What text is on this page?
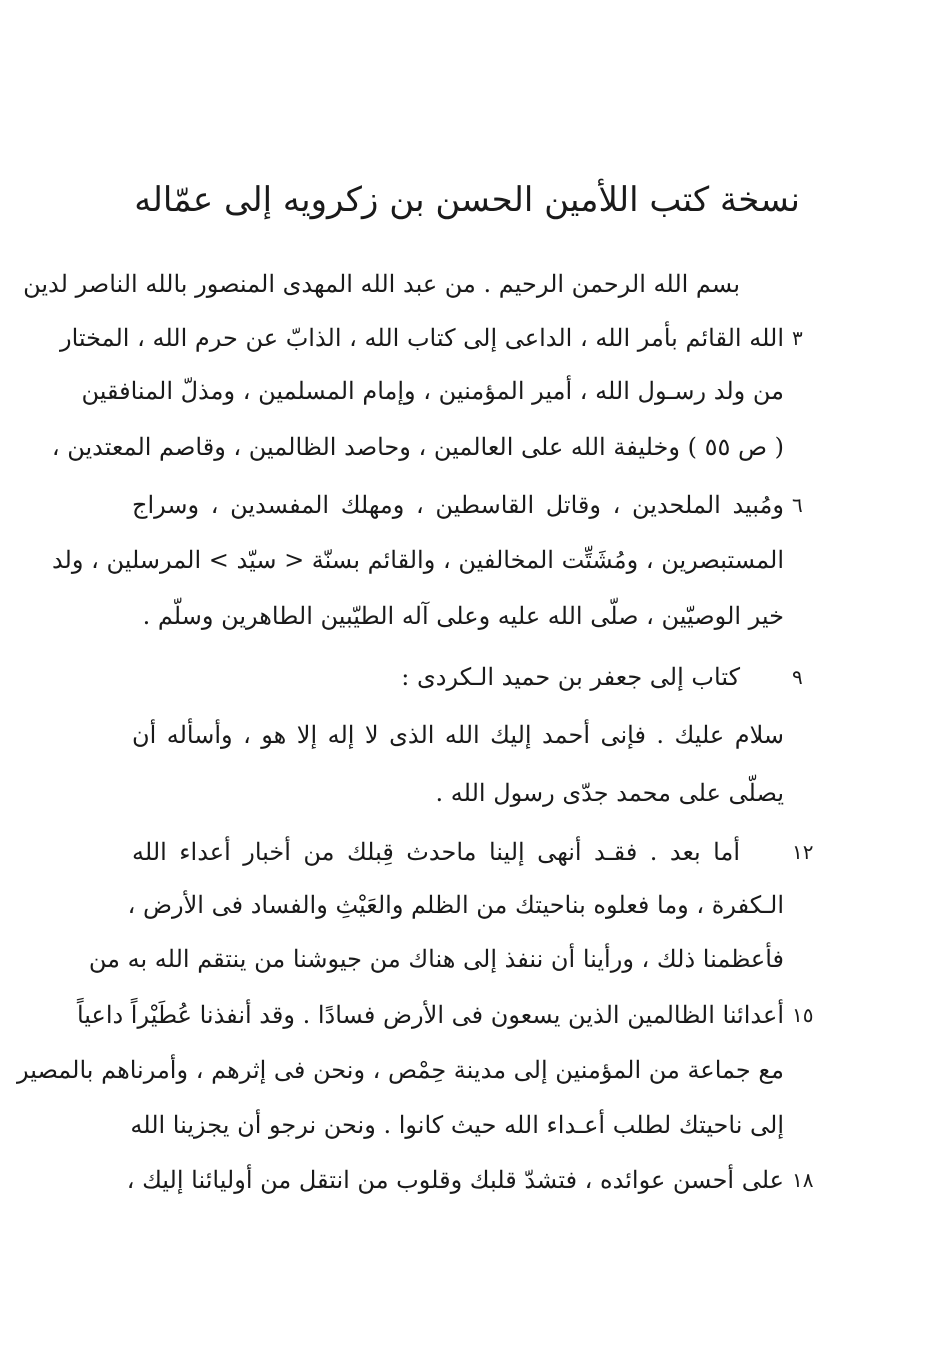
نسخة كتب اللأمين الحسن بن زكرويه إلى عمّاله
بسم الله الرحمن الرحيم . من عبد الله المهدى المنصور بالله الناصر لدين
٣
الله القائم بأمر الله ، الداعى إلى كتاب الله ، الذابّ عن حرم الله ، المختار
من ولد رسـول الله ، أمير المؤمنين ، وإمام المسلمين ، ومذلّ المنافقين
( ص ٥٥ ) وخليفة الله على العالمين ، وحاصد الظالمين ، وقاصم المعتدين ،
٦
ومُبيد الملحدين ، وقاتل القاسطين ، ومهلك المفسدين ، وسراج
المستبصرين ، ومُشَتِّت المخالفين ، والقائم بسنّة < سيّد > المرسلين ، ولد
خير الوصيّين ، صلّى الله عليه وعلى آله الطيّبين الطاهرين وسلّم .
٩
كتاب إلى جعفر بن حميد الـكردى :
سلام عليك . فإنى أحمد إليك الله الذى لا إله إلا هو ، وأسأله أن
يصلّى على محمد جدّى رسول الله .
١٢
أما بعد . فقـد أنهى إلينا ماحدث قِبلك من أخبار أعداء الله
الـكفرة ، وما فعلوه بناحيتك من الظلم والعَيْثِ والفساد فى الأرض ،
فأعظمنا ذلك ، ورأينا أن ننفذ إلى هناك من جيوشنا من ينتقم الله به من
١٥
أعدائنا الظالمين الذين يسعون فى الأرض فسادًا . وقد أنفذنا عُطَيْراً داعياً
مع جماعة من المؤمنين إلى مدينة حِمْص ، ونحن فى إثرهم ، وأمرناهم بالمصير
إلى ناحيتك لطلب أعـداء الله حيث كانوا . ونحن نرجو أن يجزينا الله
١٨
على أحسن عوائده ، فتشدّ قلبك وقلوب من انتقل من أوليائنا إليك ،
